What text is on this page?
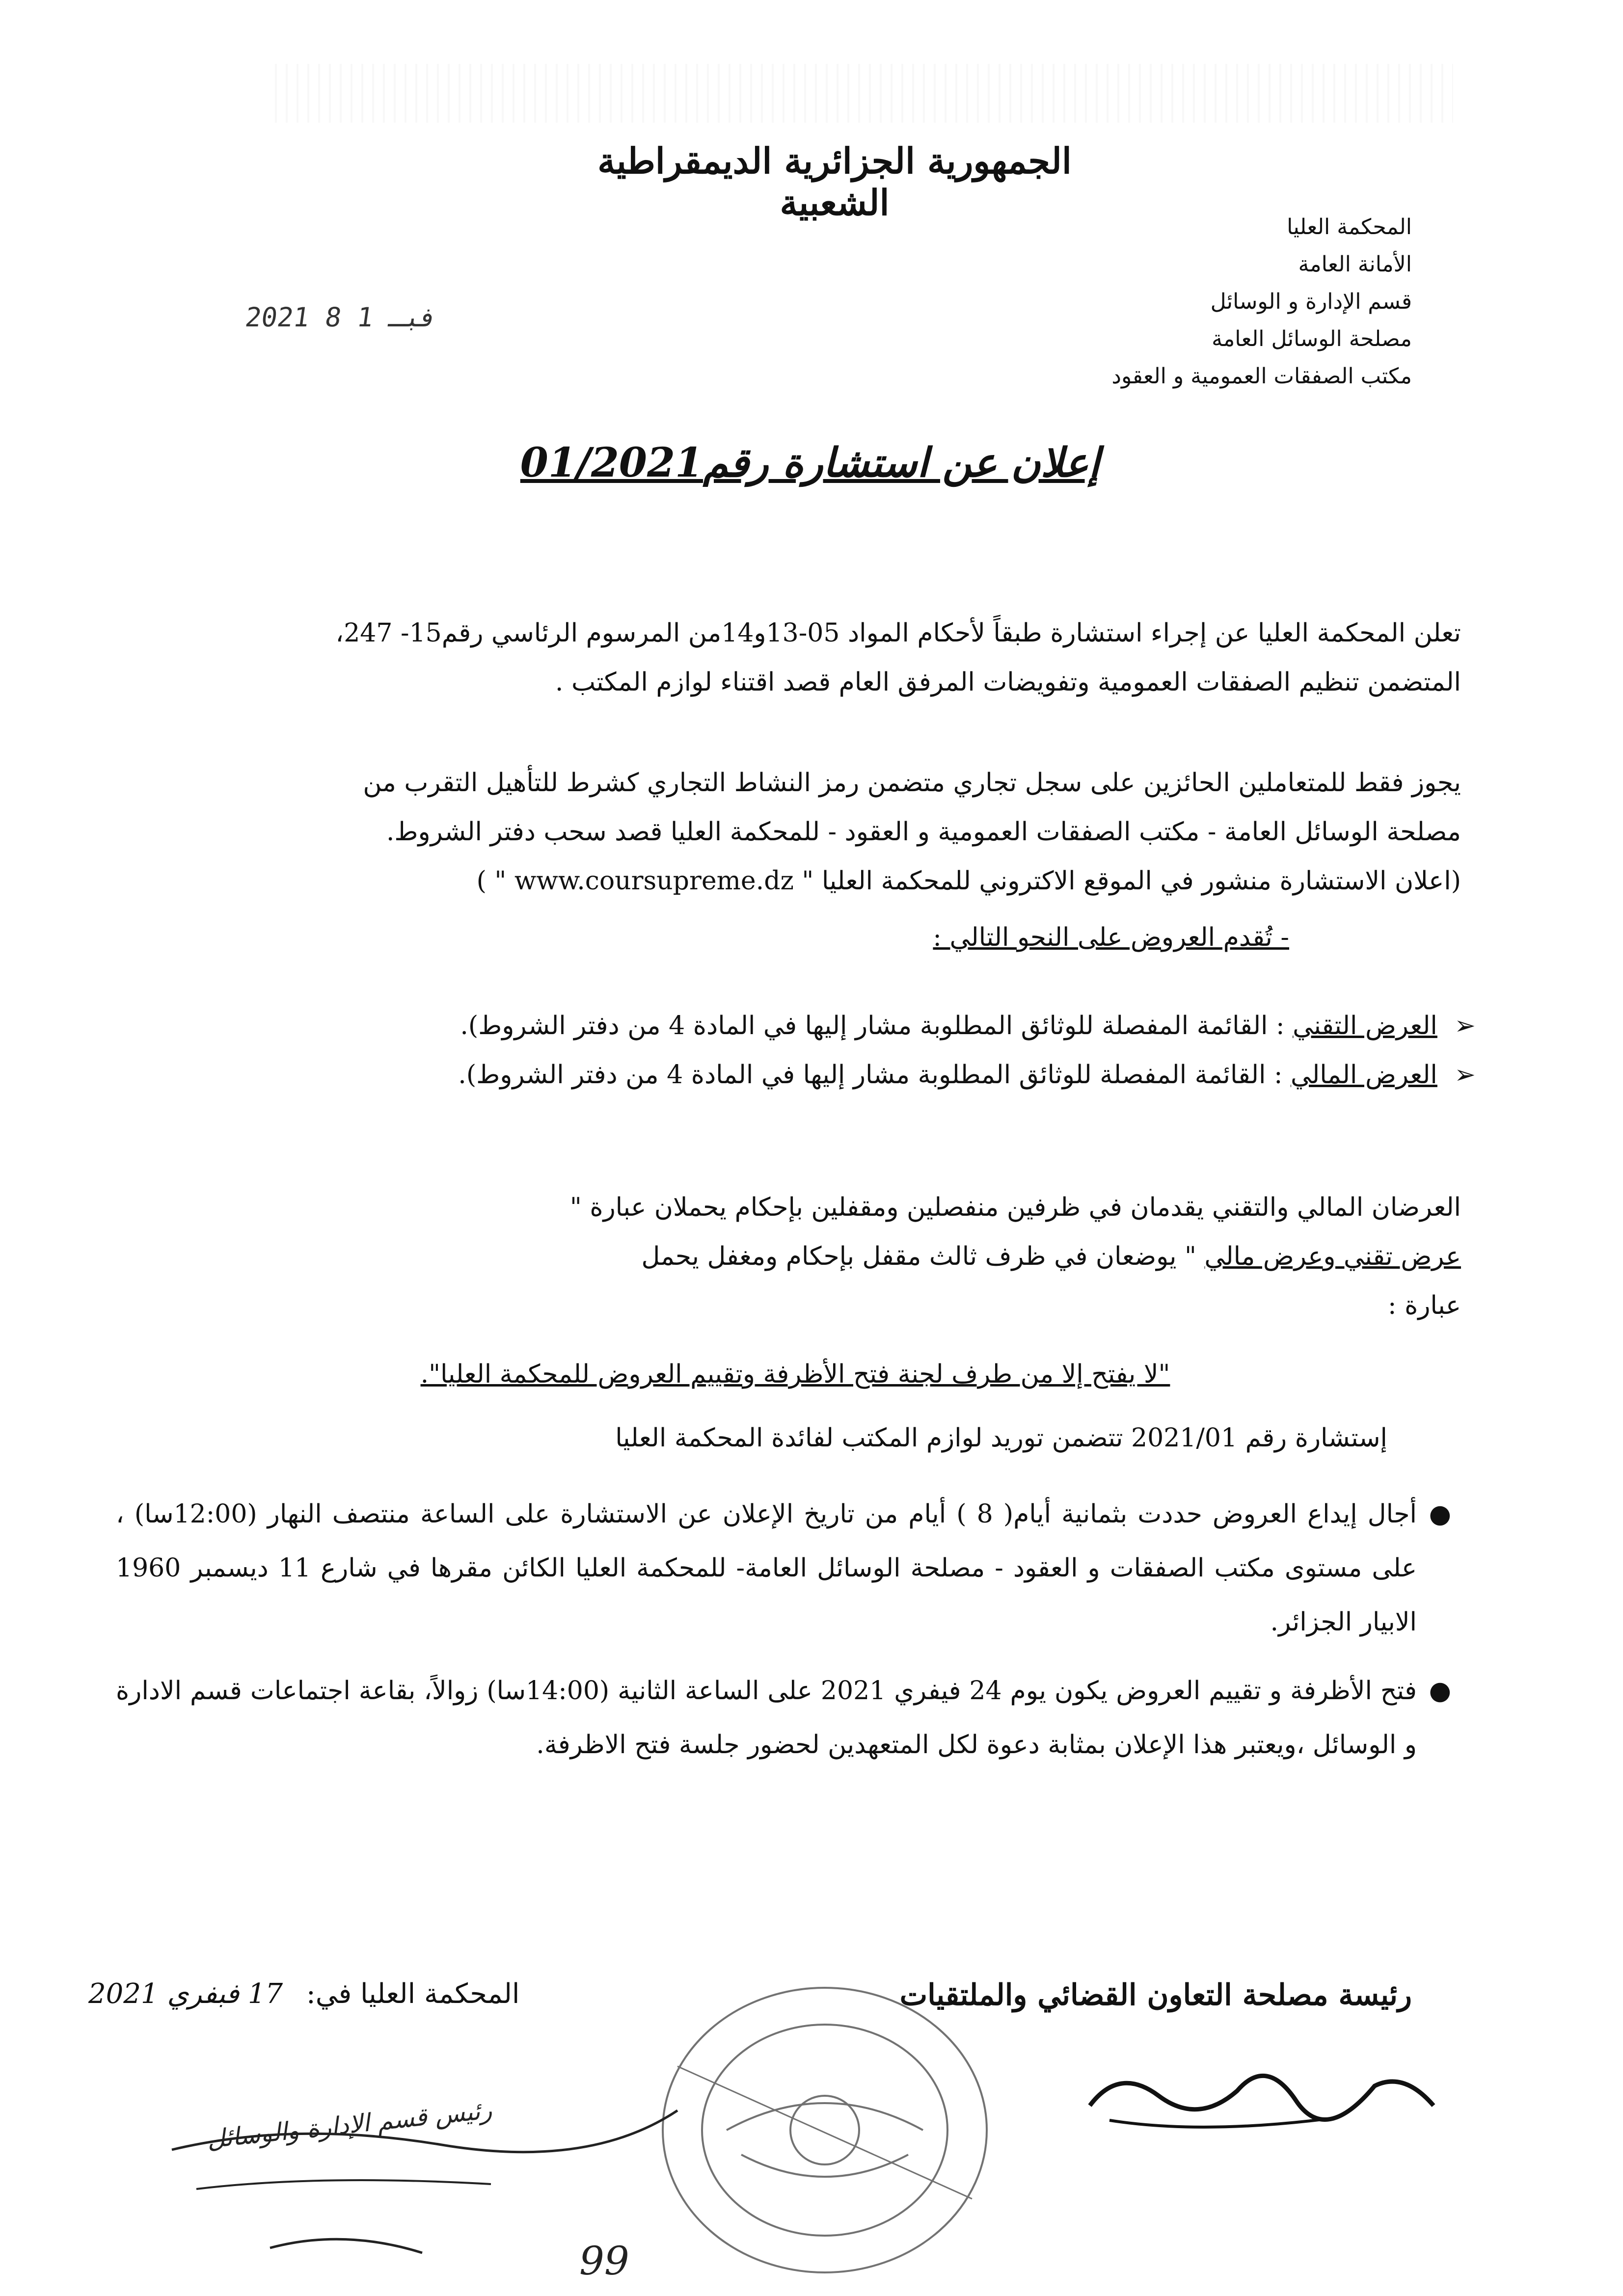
الجمهورية الجزائرية الديمقراطية الشعبية
المحكمة العليا
الأمانة العامة
قسم الإدارة و الوسائل
مصلحة الوسائل العامة
مكتب الصفقات العمومية و العقود
2021 فبـ 1 8
إعلان عن استشارة رقم01/2021
تعلن المحكمة العليا عن إجراء استشارة طبقاً لأحكام المواد 05-13و14من المرسوم الرئاسي رقم15- 247،
المتضمن تنظيم الصفقات العمومية وتفويضات المرفق العام قصد اقتناء لوازم المكتب .
يجوز فقط للمتعاملين الحائزين على سجل تجاري متضمن رمز النشاط التجاري كشرط للتأهيل التقرب من
مصلحة الوسائل العامة - مكتب الصفقات العمومية و العقود - للمحكمة العليا قصد سحب دفتر الشروط.
(اعلان الاستشارة منشور في الموقع الاكتروني للمحكمة العليا " www.coursupreme.dz " )
- تُقدم العروض على النحو التالي :
➢ العرض التقني : القائمة المفصلة للوثائق المطلوبة مشار إليها في المادة 4 من دفتر الشروط).
➢ العرض المالي : القائمة المفصلة للوثائق المطلوبة مشار إليها في المادة 4 من دفتر الشروط).
العرضان المالي والتقني يقدمان في ظرفين منفصلين ومقفلين بإحكام يحملان عبارة "
عرض تقني وعرض مالي " يوضعان في ظرف ثالث مقفل بإحكام ومغفل يحمل
عبارة :
"لا يفتح إلا من طرف لجنة فتح الأظرفة وتقييم العروض للمحكمة العليا".
إستشارة رقم 2021/01 تتضمن توريد لوازم المكتب لفائدة المحكمة العليا
●
أجال إيداع العروض حددت بثمانية أيام( 8 ) أيام من تاريخ الإعلان عن الاستشارة على الساعة منتصف النهار (12:00سا) ، على مستوى مكتب الصفقات و العقود - مصلحة الوسائل العامة- للمحكمة العليا الكائن مقرها في شارع 11 ديسمبر 1960 الابيار الجزائر.
●
فتح الأظرفة و تقييم العروض يكون يوم 24 فيفري 2021 على الساعة الثانية (14:00سا) زوالاً، بقاعة اجتماعات قسم الادارة و الوسائل ،ويعتبر هذا الإعلان بمثابة دعوة لكل المتعهدين لحضور جلسة فتح الاظرفة.
رئيسة مصلحة التعاون القضائي والملتقيات
المحكمة العليا في: 17 فبفري 2021
رئيس قسم الإدارة والوسائل
99
